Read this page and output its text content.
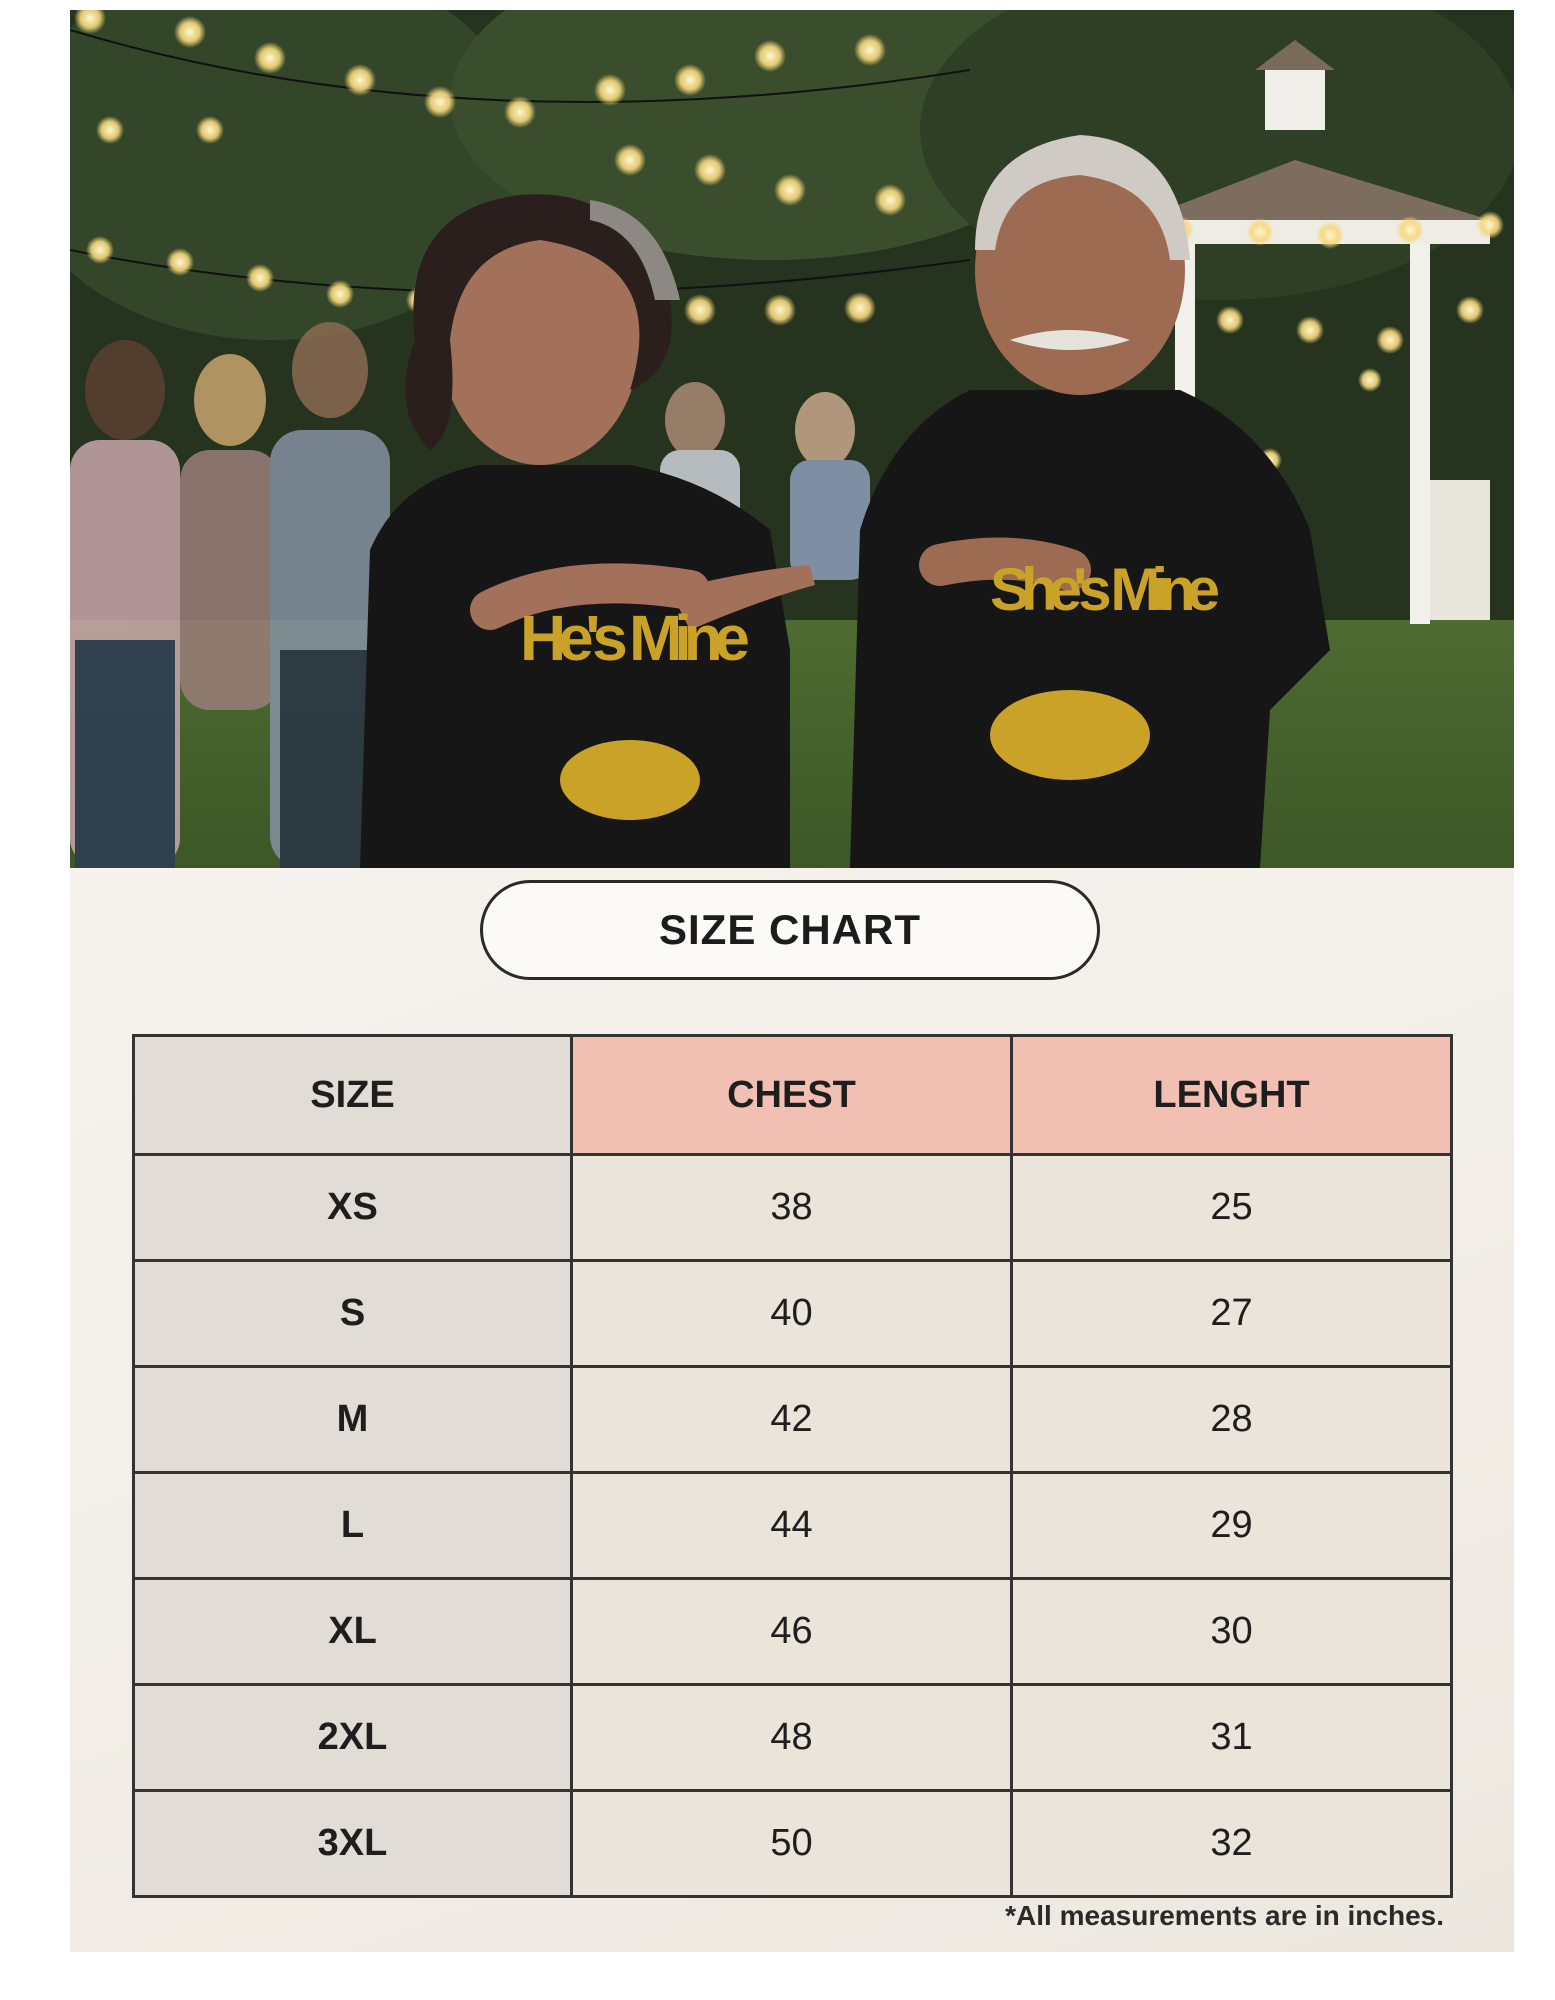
He's Mine
She's Mine
SIZE CHART
SIZE	CHEST	LENGHT
XS	38	25
S	40	27
M	42	28
L	44	29
XL	46	30
2XL	48	31
3XL	50	32
*All measurements are in inches.
